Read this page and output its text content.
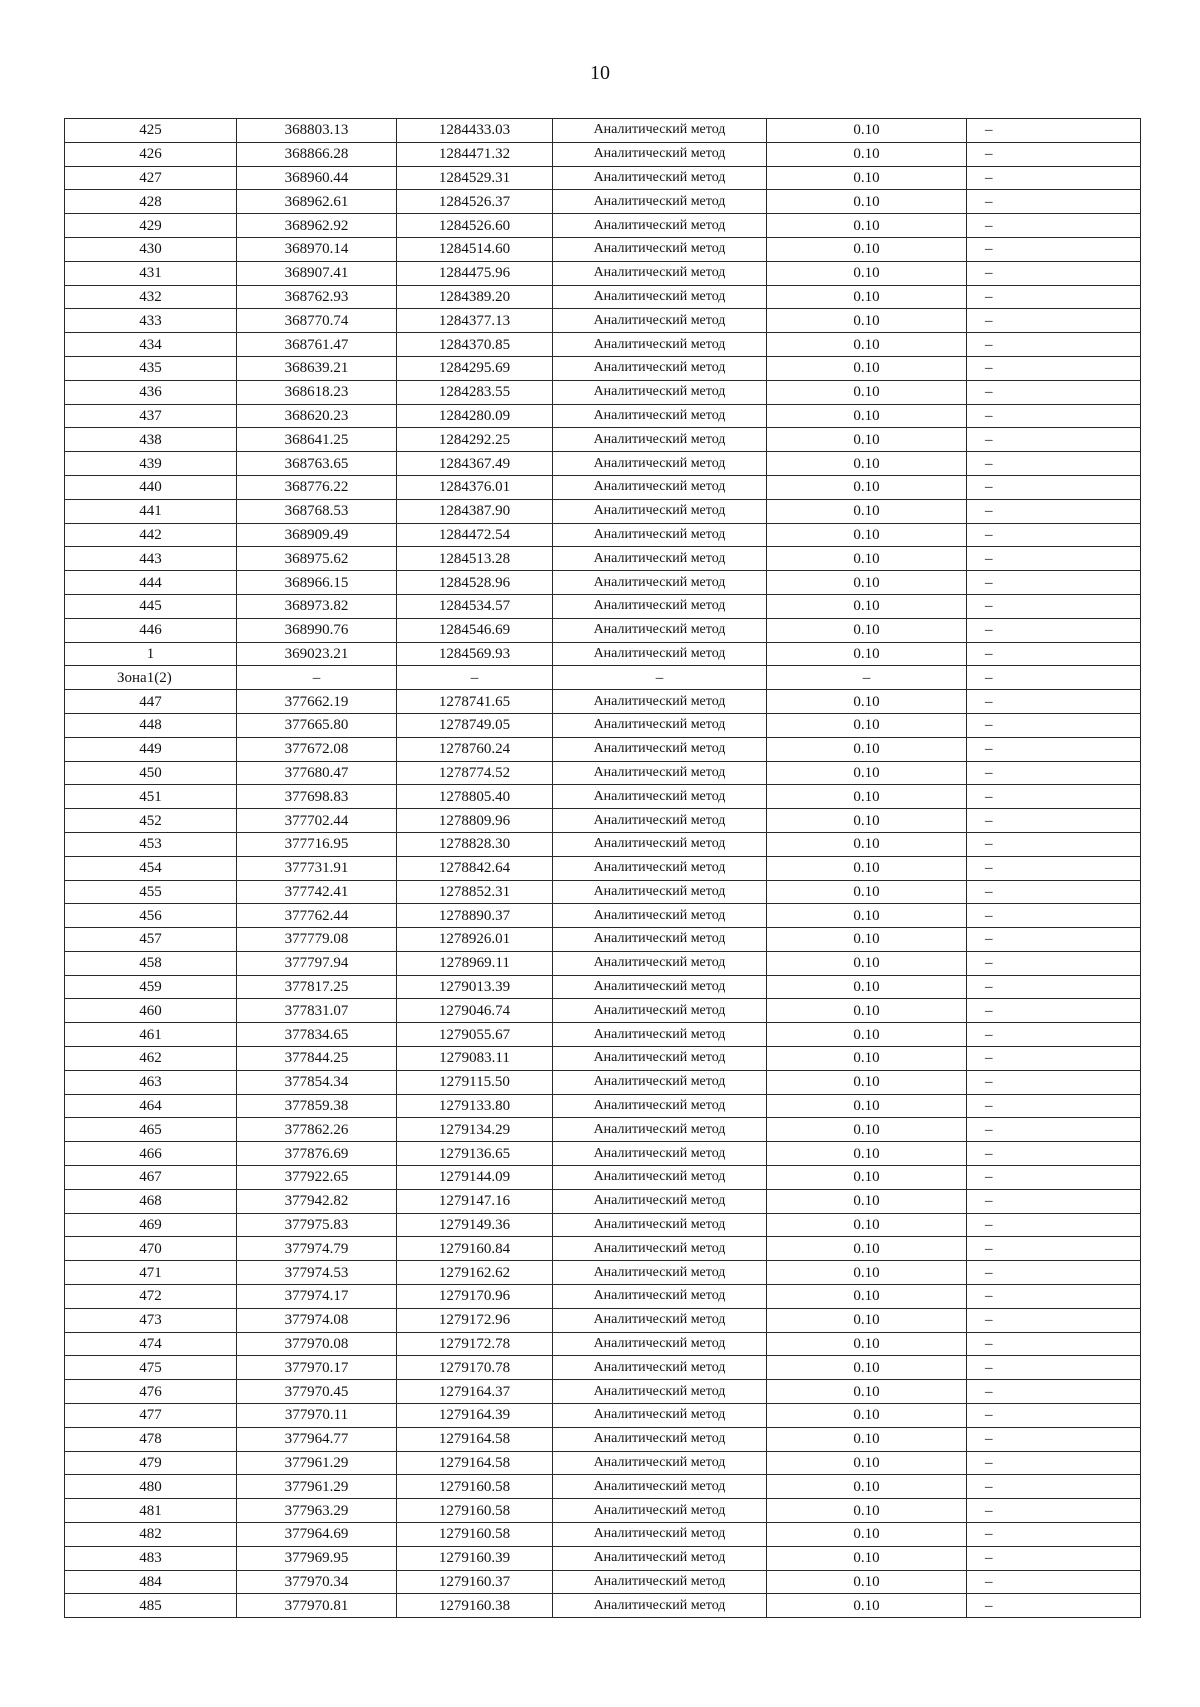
10
425	368803.13	1284433.03	Аналитический метод	0.10	–
426	368866.28	1284471.32	Аналитический метод	0.10	–
427	368960.44	1284529.31	Аналитический метод	0.10	–
428	368962.61	1284526.37	Аналитический метод	0.10	–
429	368962.92	1284526.60	Аналитический метод	0.10	–
430	368970.14	1284514.60	Аналитический метод	0.10	–
431	368907.41	1284475.96	Аналитический метод	0.10	–
432	368762.93	1284389.20	Аналитический метод	0.10	–
433	368770.74	1284377.13	Аналитический метод	0.10	–
434	368761.47	1284370.85	Аналитический метод	0.10	–
435	368639.21	1284295.69	Аналитический метод	0.10	–
436	368618.23	1284283.55	Аналитический метод	0.10	–
437	368620.23	1284280.09	Аналитический метод	0.10	–
438	368641.25	1284292.25	Аналитический метод	0.10	–
439	368763.65	1284367.49	Аналитический метод	0.10	–
440	368776.22	1284376.01	Аналитический метод	0.10	–
441	368768.53	1284387.90	Аналитический метод	0.10	–
442	368909.49	1284472.54	Аналитический метод	0.10	–
443	368975.62	1284513.28	Аналитический метод	0.10	–
444	368966.15	1284528.96	Аналитический метод	0.10	–
445	368973.82	1284534.57	Аналитический метод	0.10	–
446	368990.76	1284546.69	Аналитический метод	0.10	–
1	369023.21	1284569.93	Аналитический метод	0.10	–
Зона1(2)	–	–	–	–	–
447	377662.19	1278741.65	Аналитический метод	0.10	–
448	377665.80	1278749.05	Аналитический метод	0.10	–
449	377672.08	1278760.24	Аналитический метод	0.10	–
450	377680.47	1278774.52	Аналитический метод	0.10	–
451	377698.83	1278805.40	Аналитический метод	0.10	–
452	377702.44	1278809.96	Аналитический метод	0.10	–
453	377716.95	1278828.30	Аналитический метод	0.10	–
454	377731.91	1278842.64	Аналитический метод	0.10	–
455	377742.41	1278852.31	Аналитический метод	0.10	–
456	377762.44	1278890.37	Аналитический метод	0.10	–
457	377779.08	1278926.01	Аналитический метод	0.10	–
458	377797.94	1278969.11	Аналитический метод	0.10	–
459	377817.25	1279013.39	Аналитический метод	0.10	–
460	377831.07	1279046.74	Аналитический метод	0.10	–
461	377834.65	1279055.67	Аналитический метод	0.10	–
462	377844.25	1279083.11	Аналитический метод	0.10	–
463	377854.34	1279115.50	Аналитический метод	0.10	–
464	377859.38	1279133.80	Аналитический метод	0.10	–
465	377862.26	1279134.29	Аналитический метод	0.10	–
466	377876.69	1279136.65	Аналитический метод	0.10	–
467	377922.65	1279144.09	Аналитический метод	0.10	–
468	377942.82	1279147.16	Аналитический метод	0.10	–
469	377975.83	1279149.36	Аналитический метод	0.10	–
470	377974.79	1279160.84	Аналитический метод	0.10	–
471	377974.53	1279162.62	Аналитический метод	0.10	–
472	377974.17	1279170.96	Аналитический метод	0.10	–
473	377974.08	1279172.96	Аналитический метод	0.10	–
474	377970.08	1279172.78	Аналитический метод	0.10	–
475	377970.17	1279170.78	Аналитический метод	0.10	–
476	377970.45	1279164.37	Аналитический метод	0.10	–
477	377970.11	1279164.39	Аналитический метод	0.10	–
478	377964.77	1279164.58	Аналитический метод	0.10	–
479	377961.29	1279164.58	Аналитический метод	0.10	–
480	377961.29	1279160.58	Аналитический метод	0.10	–
481	377963.29	1279160.58	Аналитический метод	0.10	–
482	377964.69	1279160.58	Аналитический метод	0.10	–
483	377969.95	1279160.39	Аналитический метод	0.10	–
484	377970.34	1279160.37	Аналитический метод	0.10	–
485	377970.81	1279160.38	Аналитический метод	0.10	–
